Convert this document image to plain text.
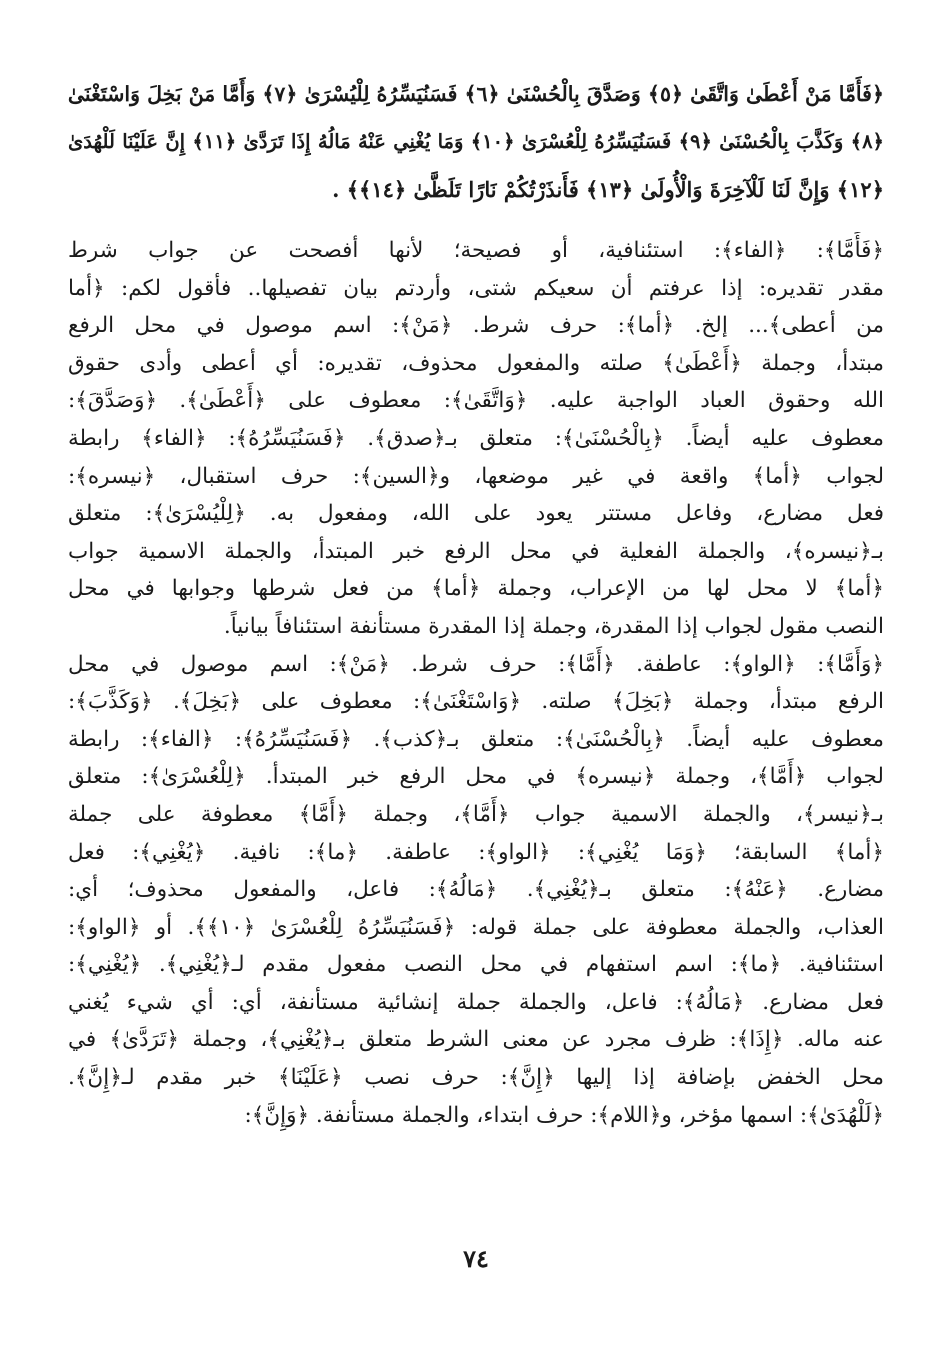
﴿فَأَمَّا مَنْ أَعْطَىٰ وَاتَّقَىٰ ﴿٥﴾ وَصَدَّقَ بِالْحُسْنَىٰ ﴿٦﴾ فَسَنُيَسِّرُهُ لِلْيُسْرَىٰ ﴿٧﴾ وَأَمَّا مَنْ بَخِلَ وَاسْتَغْنَىٰ
﴿٨﴾ وَكَذَّبَ بِالْحُسْنَىٰ ﴿٩﴾ فَسَنُيَسِّرُهُ لِلْعُسْرَىٰ ﴿١٠﴾ وَمَا يُغْنِي عَنْهُ مَالُهُ إِذَا تَرَدَّىٰ ﴿١١﴾ إِنَّ عَلَيْنَا لَلْهُدَىٰ
﴿١٢﴾ وَإِنَّ لَنَا لَلْآخِرَةَ وَالْأُولَىٰ ﴿١٣﴾ فَأَنذَرْتُكُمْ نَارًا تَلَظَّىٰ ﴿١٤﴾﴾ .
﴿فَأَمَّا﴾: ﴿الفاء﴾: استئنافية، أو فصيحة؛ لأنها أفصحت عن جواب شرط
مقدر تقديره: إذا عرفتم أن سعيكم شتى، وأردتم بيان تفصيلها.. فأقول لكم: ﴿أما
من أعطى﴾... إلخ. ﴿أما﴾: حرف شرط. ﴿مَنْ﴾: اسم موصول في محل الرفع
مبتدأ، وجملة ﴿أَعْطَىٰ﴾ صلته والمفعول محذوف، تقديره: أي أعطى وأدى حقوق
الله وحقوق العباد الواجبة عليه. ﴿وَاتَّقَىٰ﴾: معطوف على ﴿أَعْطَىٰ﴾. ﴿وَصَدَّقَ﴾:
معطوف عليه أيضاً. ﴿بِالْحُسْنَىٰ﴾: متعلق بـ﴿صدق﴾. ﴿فَسَنُيَسِّرُهُ﴾: ﴿الفاء﴾ رابطة
لجواب ﴿أما﴾ واقعة في غير موضعها، و﴿السين﴾: حرف استقبال، ﴿نيسره﴾:
فعل مضارع، وفاعل مستتر يعود على الله، ومفعول به. ﴿لِلْيُسْرَىٰ﴾: متعلق
بـ﴿نيسره﴾، والجملة الفعلية في محل الرفع خبر المبتدأ، والجملة الاسمية جواب
﴿أما﴾ لا محل لها من الإعراب، وجملة ﴿أما﴾ من فعل شرطها وجوابها في محل
النصب مقول لجواب إذا المقدرة، وجملة إذا المقدرة مستأنفة استئنافاً بيانياً.
﴿وَأَمَّا﴾: ﴿الواو﴾: عاطفة. ﴿أَمَّا﴾: حرف شرط. ﴿مَنْ﴾: اسم موصول في محل
الرفع مبتدأ، وجملة ﴿بَخِلَ﴾ صلته. ﴿وَاسْتَغْنَىٰ﴾: معطوف على ﴿بَخِلَ﴾. ﴿وَكَذَّبَ﴾:
معطوف عليه أيضاً. ﴿بِالْحُسْنَىٰ﴾: متعلق بـ﴿كذب﴾. ﴿فَسَنُيَسِّرُهُ﴾: ﴿الفاء﴾: رابطة
لجواب ﴿أَمَّا﴾، وجملة ﴿نيسره﴾ في محل الرفع خبر المبتدأ. ﴿لِلْعُسْرَىٰ﴾: متعلق
بـ﴿نيسر﴾، والجملة الاسمية جواب ﴿أَمَّا﴾، وجملة ﴿أَمَّا﴾ معطوفة على جملة
﴿أما﴾ السابقة؛ ﴿وَمَا يُغْنِي﴾: ﴿الواو﴾: عاطفة. ﴿ما﴾: نافية. ﴿يُغْنِي﴾: فعل
مضارع. ﴿عَنْهُ﴾: متعلق بـ﴿يُغْنِي﴾. ﴿مَالُهُ﴾: فاعل، والمفعول محذوف؛ أي:
العذاب، والجملة معطوفة على جملة قوله: ﴿فَسَنُيَسِّرُهُ لِلْعُسْرَىٰ ﴿١٠﴾﴾. أو ﴿الواو﴾:
استئنافية. ﴿ما﴾: اسم استفهام في محل النصب مفعول مقدم لـ﴿يُغْنِي﴾. ﴿يُغْنِي﴾:
فعل مضارع. ﴿مَالُهُ﴾: فاعل، والجملة جملة إنشائية مستأنفة، أي: أي شيء يُغني
عنه ماله. ﴿إِذَا﴾: ظرف مجرد عن معنى الشرط متعلق بـ﴿يُغْنِي﴾، وجملة ﴿تَرَدَّىٰ﴾ في
محل الخفض بإضافة إذا إليها ﴿إِنَّ﴾: حرف نصب ﴿عَلَيْنَا﴾ خبر مقدم لـ﴿إِنَّ﴾.
﴿لَلْهُدَىٰ﴾: اسمها مؤخر، و﴿اللام﴾: حرف ابتداء، والجملة مستأنفة. ﴿وَإِنَّ﴾:
٧٤
